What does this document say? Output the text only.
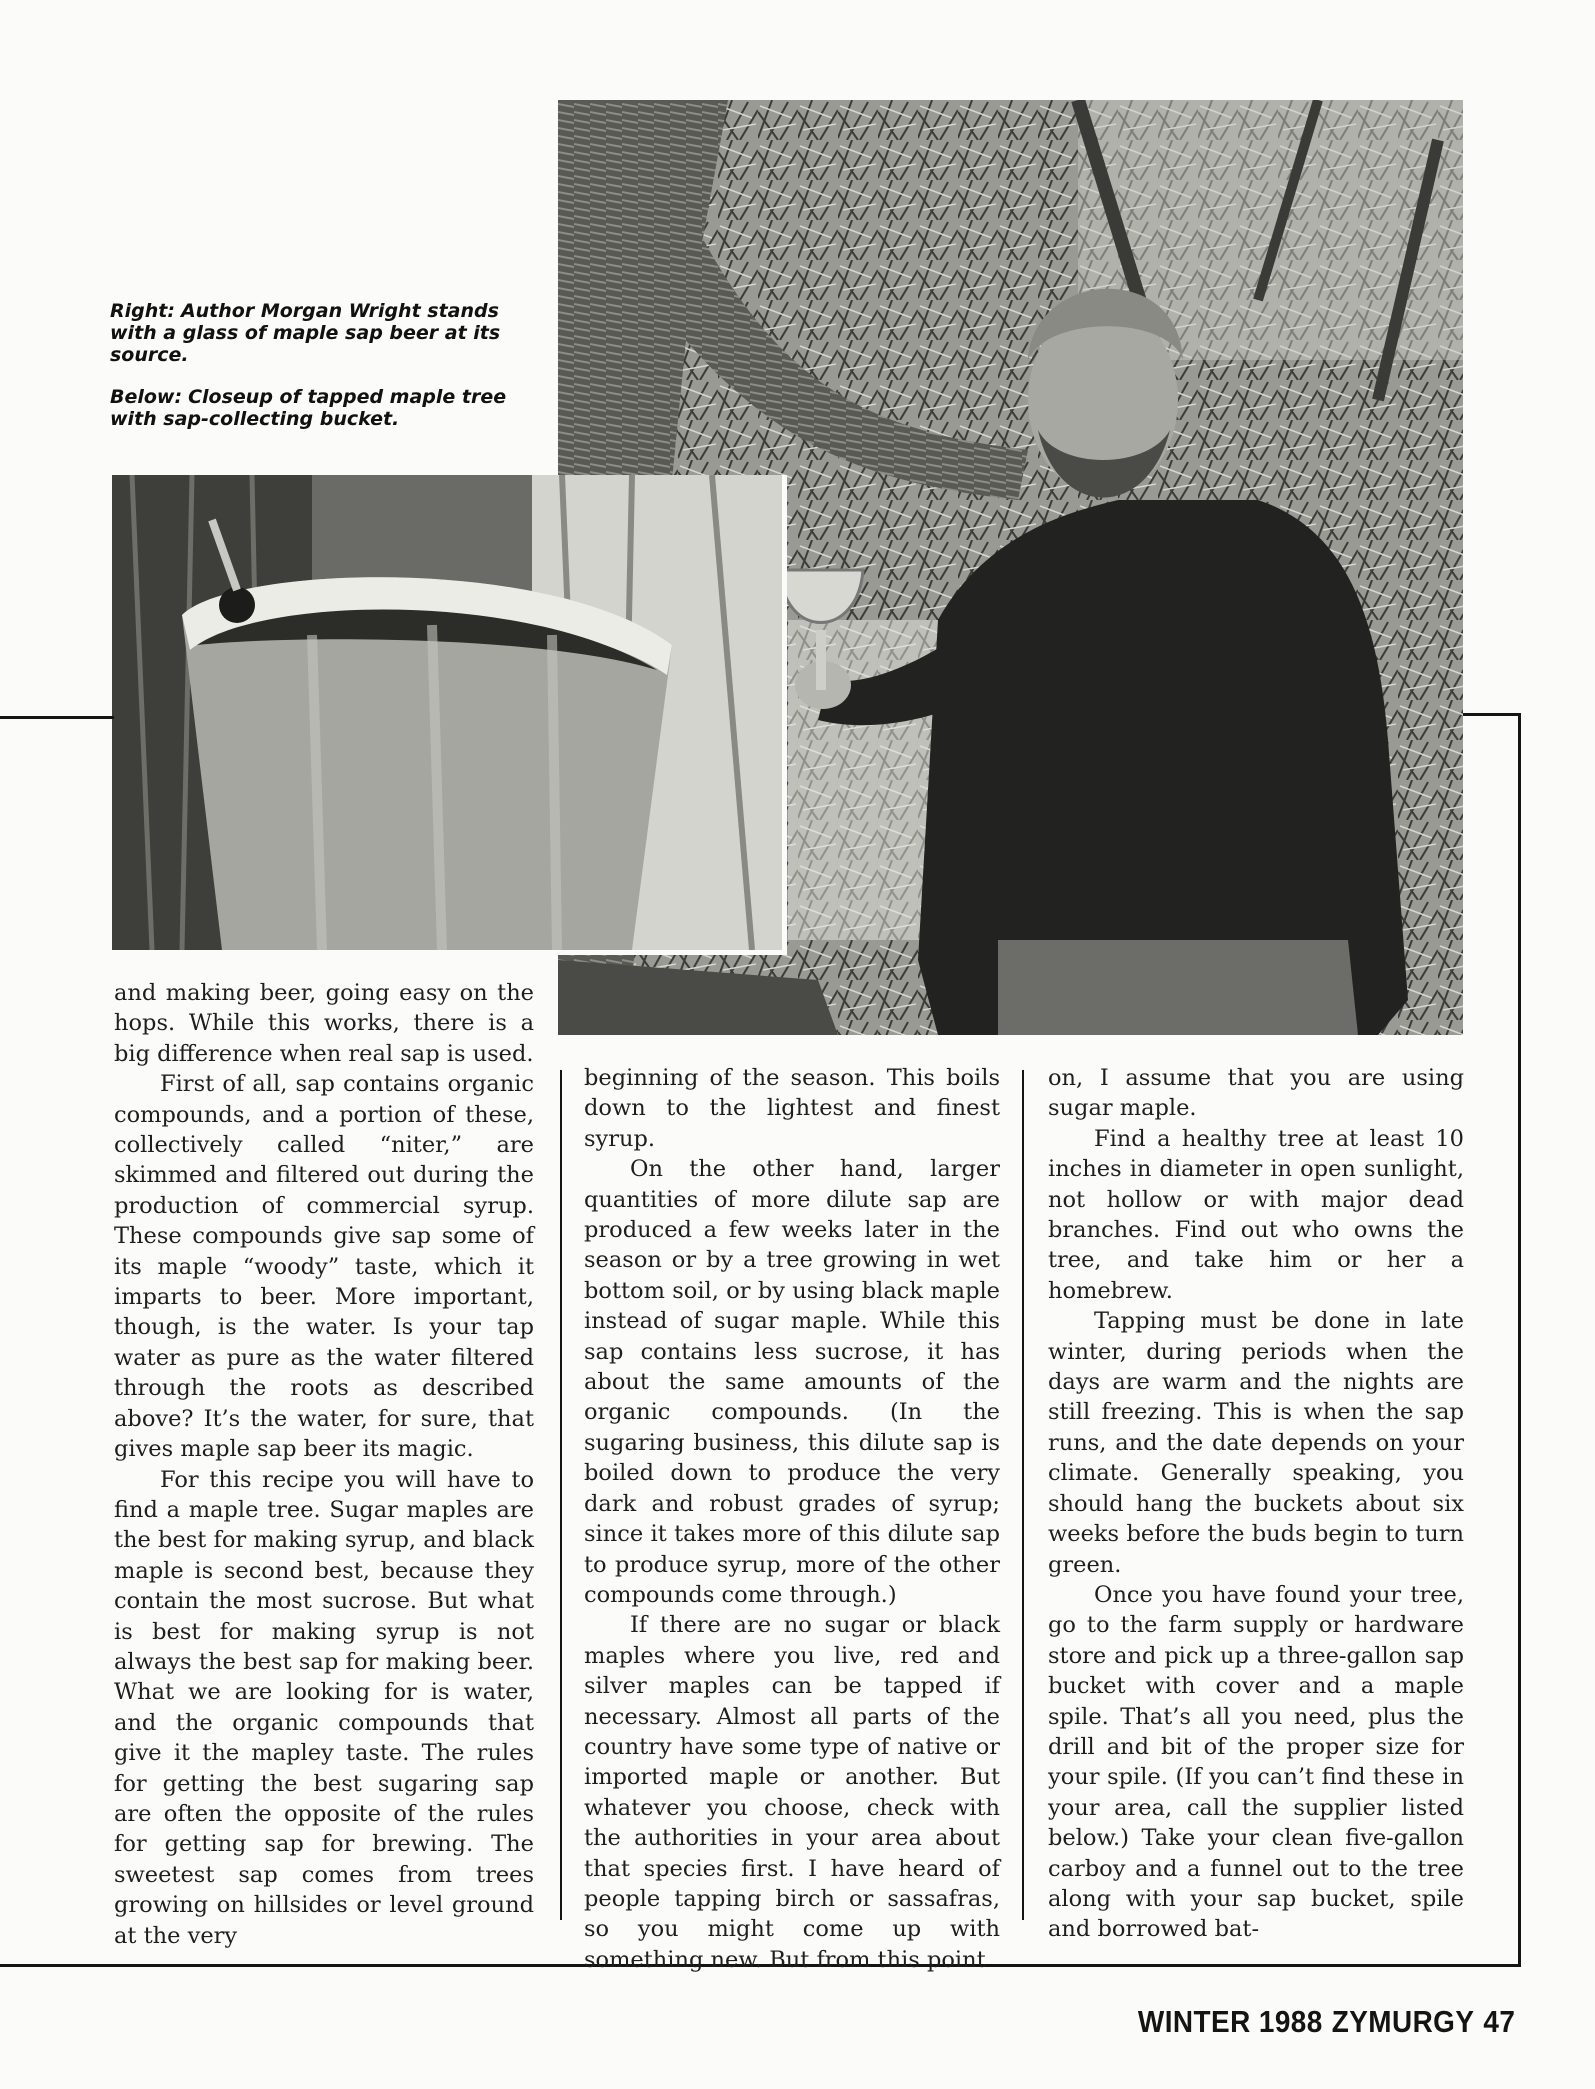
Right: Author Morgan Wright stands with a glass of maple sap beer at its source.

Below: Closeup of tapped maple tree with sap-collecting bucket.

and making beer, going easy on the hops. While this works, there is a big difference when real sap is used.

First of all, sap contains organic compounds, and a portion of these, collectively called “niter,” are skimmed and filtered out during the production of commercial syrup. These compounds give sap some of its maple “woody” taste, which it imparts to beer. More important, though, is the water. Is your tap water as pure as the water filtered through the roots as described above? It’s the water, for sure, that gives maple sap beer its magic.

For this recipe you will have to find a maple tree. Sugar maples are the best for making syrup, and black maple is second best, because they contain the most sucrose. But what is best for making syrup is not always the best sap for making beer. What we are looking for is water, and the organic compounds that give it the mapley taste. The rules for getting the best sugaring sap are often the opposite of the rules for getting sap for brewing. The sweetest sap comes from trees growing on hillsides or level ground at the very

beginning of the season. This boils down to the lightest and finest syrup.

On the other hand, larger quantities of more dilute sap are produced a few weeks later in the season or by a tree growing in wet bottom soil, or by using black maple instead of sugar maple. While this sap contains less sucrose, it has about the same amounts of the organic compounds. (In the sugaring business, this dilute sap is boiled down to produce the very dark and robust grades of syrup; since it takes more of this dilute sap to produce syrup, more of the other compounds come through.)

If there are no sugar or black maples where you live, red and silver maples can be tapped if necessary. Almost all parts of the country have some type of native or imported maple or another. But whatever you choose, check with the authorities in your area about that species first. I have heard of people tapping birch or sassafras, so you might come up with something new. But from this point

on, I assume that you are using sugar maple.

Find a healthy tree at least 10 inches in diameter in open sunlight, not hollow or with major dead branches. Find out who owns the tree, and take him or her a homebrew.

Tapping must be done in late winter, during periods when the days are warm and the nights are still freezing. This is when the sap runs, and the date depends on your climate. Generally speaking, you should hang the buckets about six weeks before the buds begin to turn green.

Once you have found your tree, go to the farm supply or hardware store and pick up a three-gallon sap bucket with cover and a maple spile. That’s all you need, plus the drill and bit of the proper size for your spile. (If you can’t find these in your area, call the supplier listed below.) Take your clean five-gallon carboy and a funnel out to the tree along with your sap bucket, spile and borrowed bat-

WINTER 1988 ZYMURGY 47
